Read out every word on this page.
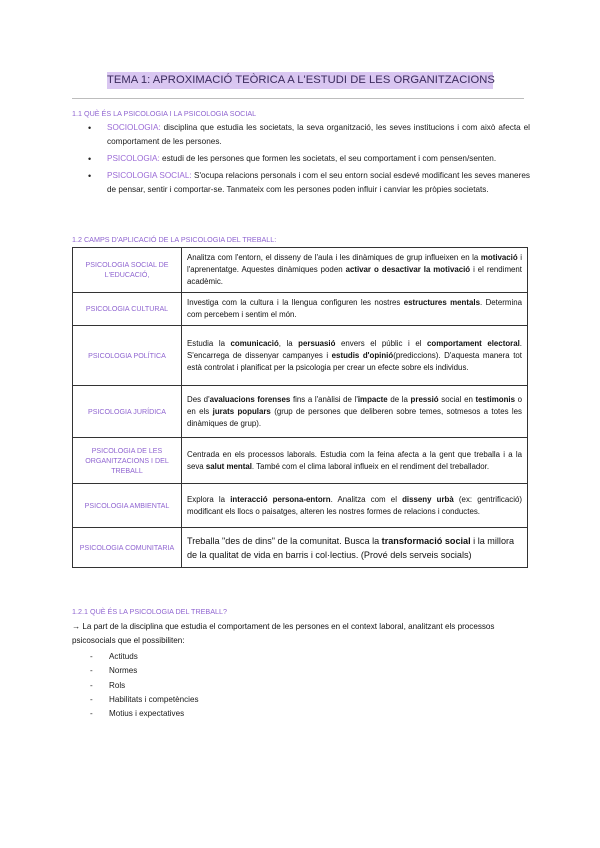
TEMA 1: APROXIMACIÓ TEÒRICA A L'ESTUDI DE LES ORGANITZACIONS
1.1 QUÈ ÉS LA PSICOLOGIA I LA PSICOLOGIA SOCIAL
• SOCIOLOGIA: disciplina que estudia les societats, la seva organització, les seves institucions i com això afecta el comportament de les persones.
• PSICOLOGIA: estudi de les persones que formen les societats, el seu comportament i com pensen/senten.
• PSICOLOGIA SOCIAL: S'ocupa relacions personals i com el seu entorn social esdevé modificant les seves maneres de pensar, sentir i comportar-se. Tanmateix com les persones poden influir i canviar les pròpies societats.
1.2 CAMPS D'APLICACIÓ DE LA PSICOLOGIA DEL TREBALL:
PSICOLOGIA SOCIAL DE L'EDUCACIÓ,	Analitza com l'entorn, el disseny de l'aula i les dinàmiques de grup influeixen en la motivació i l'aprenentatge. Aquestes dinàmiques poden activar o desactivar la motivació i el rendiment acadèmic.
PSICOLOGIA CULTURAL	Investiga com la cultura i la llengua configuren les nostres estructures mentals. Determina com percebem i sentim el món.
PSICOLOGIA POLÍTICA	Estudia la comunicació, la persuasió envers el públic i el comportament electoral. S'encarrega de dissenyar campanyes i estudis d'opinió(prediccions). D'aquesta manera tot està controlat i planificat per la psicologia per crear un efecte sobre els individus.
PSICOLOGIA JURÍDICA	Des d'avaluacions forenses fins a l'anàlisi de l'impacte de la pressió social en testimonis o en els jurats populars (grup de persones que deliberen sobre temes, sotmesos a totes les dinàmiques de grup).
PSICOLOGIA DE LES ORGANITZACIONS I DEL TREBALL	Centrada en els processos laborals. Estudia com la feina afecta a la gent que treballa i a la seva salut mental. També com el clima laboral influeix en el rendiment del treballador.
PSICOLOGIA AMBIENTAL	Explora la interacció persona-entorn. Analitza com el disseny urbà (ex: gentrificació) modificant els llocs o paisatges, alteren les nostres formes de relacions i conductes.
PSICOLOGIA COMUNITARIA	Treballa "des de dins" de la comunitat. Busca la transformació social i la millora de la qualitat de vida en barris i col·lectius. (Prové dels serveis socials)
1.2.1 QUÈ ÉS LA PSICOLOGIA DEL TREBALL?
→ La part de la disciplina que estudia el comportament de les persones en el context laboral, analitzant els processos psicosocials que el possibiliten:
- Actituds
- Normes
- Rols
- Habilitats i competències
- Motius i expectatives
